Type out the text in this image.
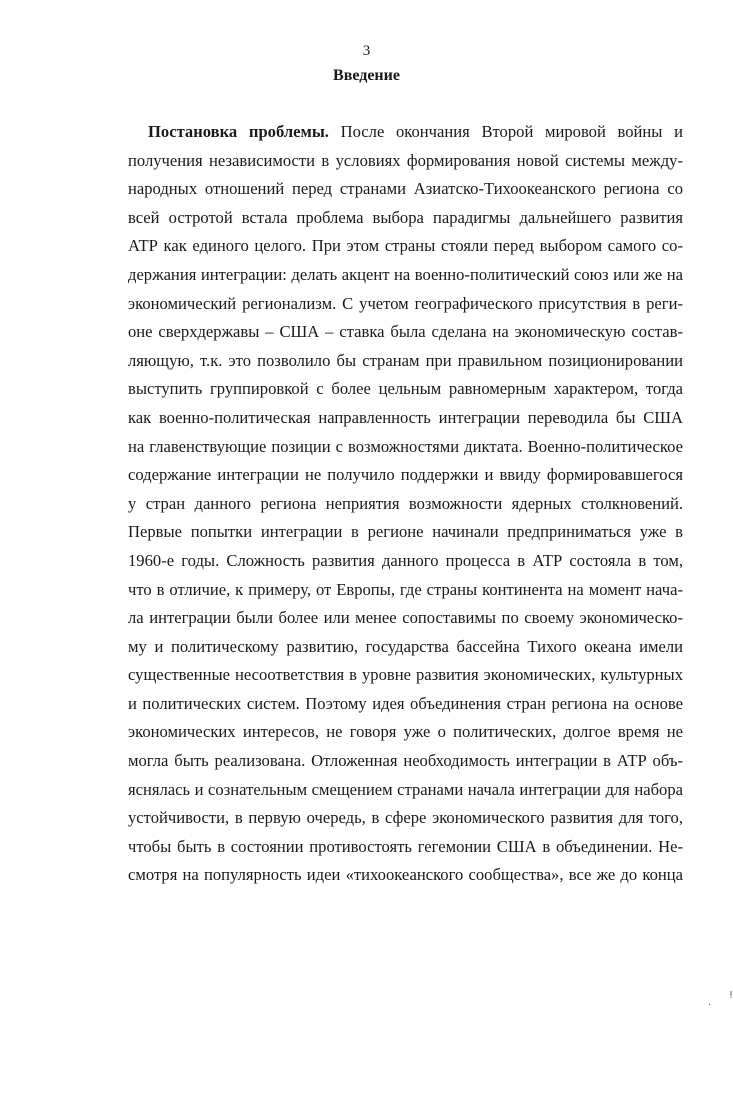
3
Введение
Постановка проблемы. После окончания Второй мировой войны и
получения независимости в условиях формирования новой системы между-
народных отношений перед странами Азиатско-Тихоокеанского региона со
всей остротой встала проблема выбора парадигмы дальнейшего развития
АТР как единого целого. При этом страны стояли перед выбором самого со-
держания интеграции: делать акцент на военно-политический союз или же на
экономический регионализм. С учетом географического присутствия в реги-
оне сверхдержавы – США – ставка была сделана на экономическую состав-
ляющую, т.к. это позволило бы странам при правильном позиционировании
выступить группировкой с более цельным равномерным характером, тогда
как военно-политическая направленность интеграции переводила бы США
на главенствующие позиции с возможностями диктата. Военно-политическое
содержание интеграции не получило поддержки и ввиду формировавшегося
у стран данного региона неприятия возможности ядерных столкновений.
Первые попытки интеграции в регионе начинали предприниматься уже в
1960-е годы. Сложность развития данного процесса в АТР состояла в том,
что в отличие, к примеру, от Европы, где страны континента на момент нача-
ла интеграции были более или менее сопоставимы по своему экономическо-
му и политическому развитию, государства бассейна Тихого океана имели
существенные несоответствия в уровне развития экономических, культурных
и политических систем. Поэтому идея объединения стран региона на основе
экономических интересов, не говоря уже о политических, долгое время не
могла быть реализована. Отложенная необходимость интеграции в АТР объ-
яснялась и сознательным смещением странами начала интеграции для набора
устойчивости, в первую очередь, в сфере экономического развития для того,
чтобы быть в состоянии противостоять гегемонии США в объединении. Не-
смотря на популярность идеи «тихоокеанского сообщества», все же до конца
!
.
